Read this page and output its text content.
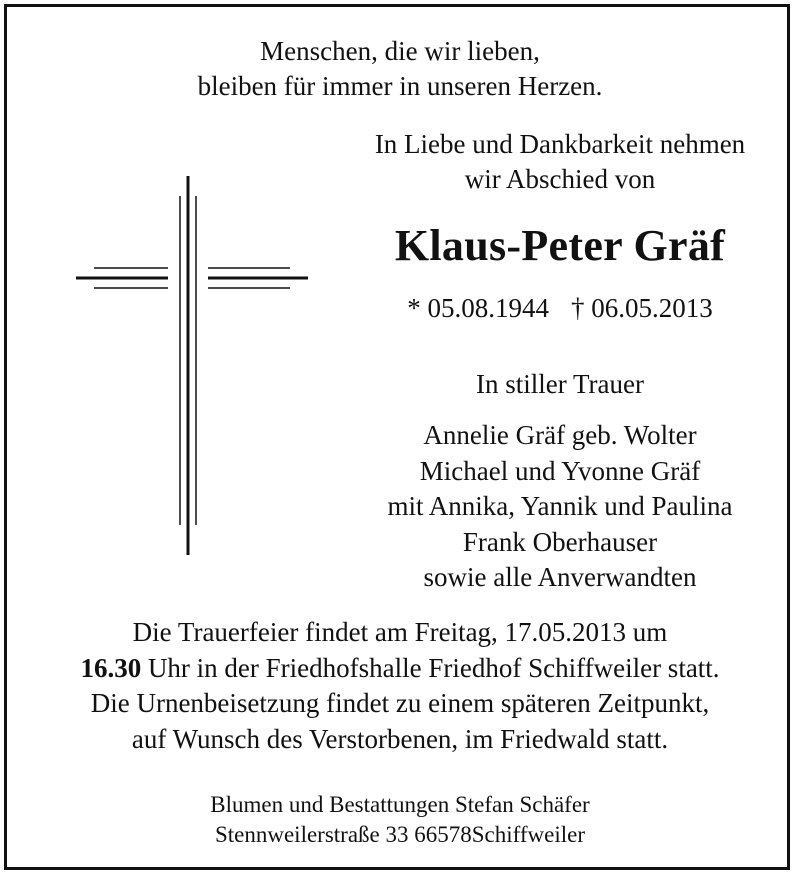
Menschen, die wir lieben,
bleiben für immer in unseren Herzen.
In Liebe und Dankbarkeit nehmen
wir Abschied von
Klaus-Peter Gräf
* 05.08.1944 † 06.05.2013
In stiller Trauer
Annelie Gräf geb. Wolter
Michael und Yvonne Gräf
mit Annika, Yannik und Paulina
Frank Oberhauser
sowie alle Anverwandten
Die Trauerfeier findet am Freitag, 17.05.2013 um
16.30 Uhr in der Friedhofshalle Friedhof Schiffweiler statt.
Die Urnenbeisetzung findet zu einem späteren Zeitpunkt,
auf Wunsch des Verstorbenen, im Friedwald statt.
Blumen und Bestattungen Stefan Schäfer
Stennweilerstraße 33 66578Schiffweiler
